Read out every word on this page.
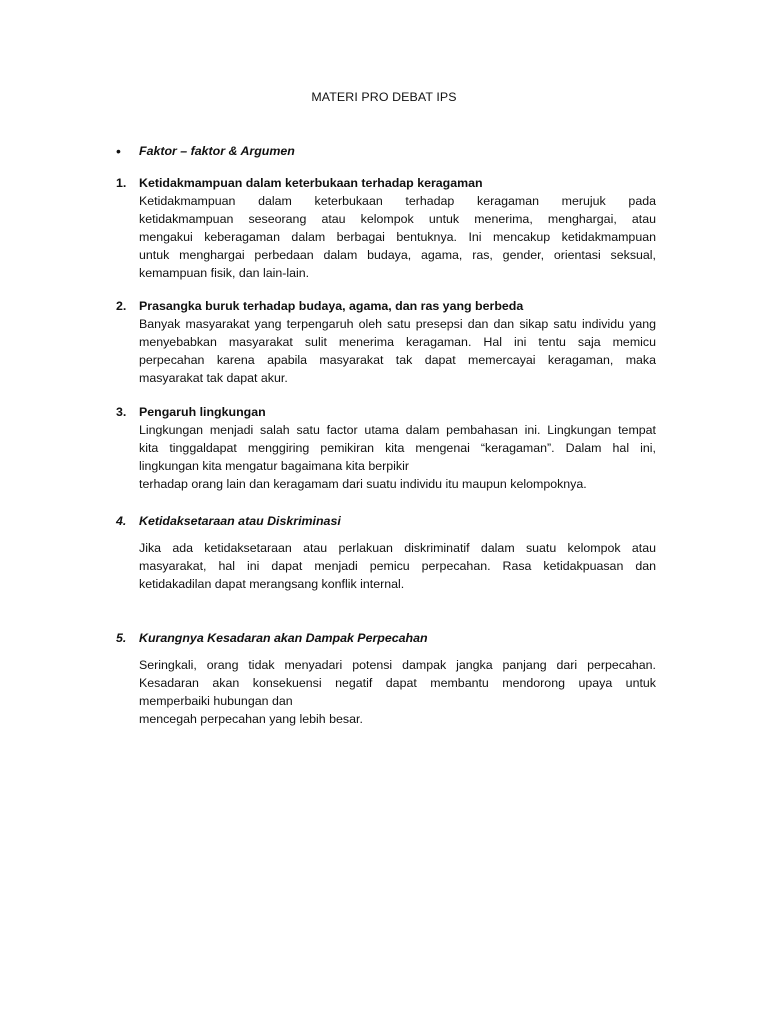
MATERI PRO DEBAT IPS
• Faktor – faktor & Argumen
1. Ketidakmampuan dalam keterbukaan terhadap keragaman
Ketidakmampuan dalam keterbukaan terhadap keragaman merujuk pada
ketidakmampuan seseorang atau kelompok untuk menerima, menghargai, atau
mengakui keberagaman dalam berbagai bentuknya. Ini mencakup ketidakmampuan
untuk menghargai perbedaan dalam budaya, agama, ras, gender, orientasi seksual,
kemampuan fisik, dan lain-lain.
2. Prasangka buruk terhadap budaya, agama, dan ras yang berbeda
Banyak masyarakat yang terpengaruh oleh satu presepsi dan dan sikap satu individu yang
menyebabkan masyarakat sulit menerima keragaman. Hal ini tentu saja memicu
perpecahan karena apabila masyarakat tak dapat memercayai keragaman, maka
masyarakat tak dapat akur.
3. Pengaruh lingkungan
Lingkungan menjadi salah satu factor utama dalam pembahasan ini. Lingkungan tempat
kita tinggaldapat menggiring pemikiran kita mengenai “keragaman”. Dalam hal ini,
lingkungan kita mengatur bagaimana kita berpikir
terhadap orang lain dan keragamam dari suatu individu itu maupun kelompoknya.
4. Ketidaksetaraan atau Diskriminasi
Jika ada ketidaksetaraan atau perlakuan diskriminatif dalam suatu kelompok atau
masyarakat, hal ini dapat menjadi pemicu perpecahan. Rasa ketidakpuasan dan
ketidakadilan dapat merangsang konflik internal.
5. Kurangnya Kesadaran akan Dampak Perpecahan
Seringkali, orang tidak menyadari potensi dampak jangka panjang dari perpecahan.
Kesadaran akan konsekuensi negatif dapat membantu mendorong upaya untuk
memperbaiki hubungan dan
mencegah perpecahan yang lebih besar.
